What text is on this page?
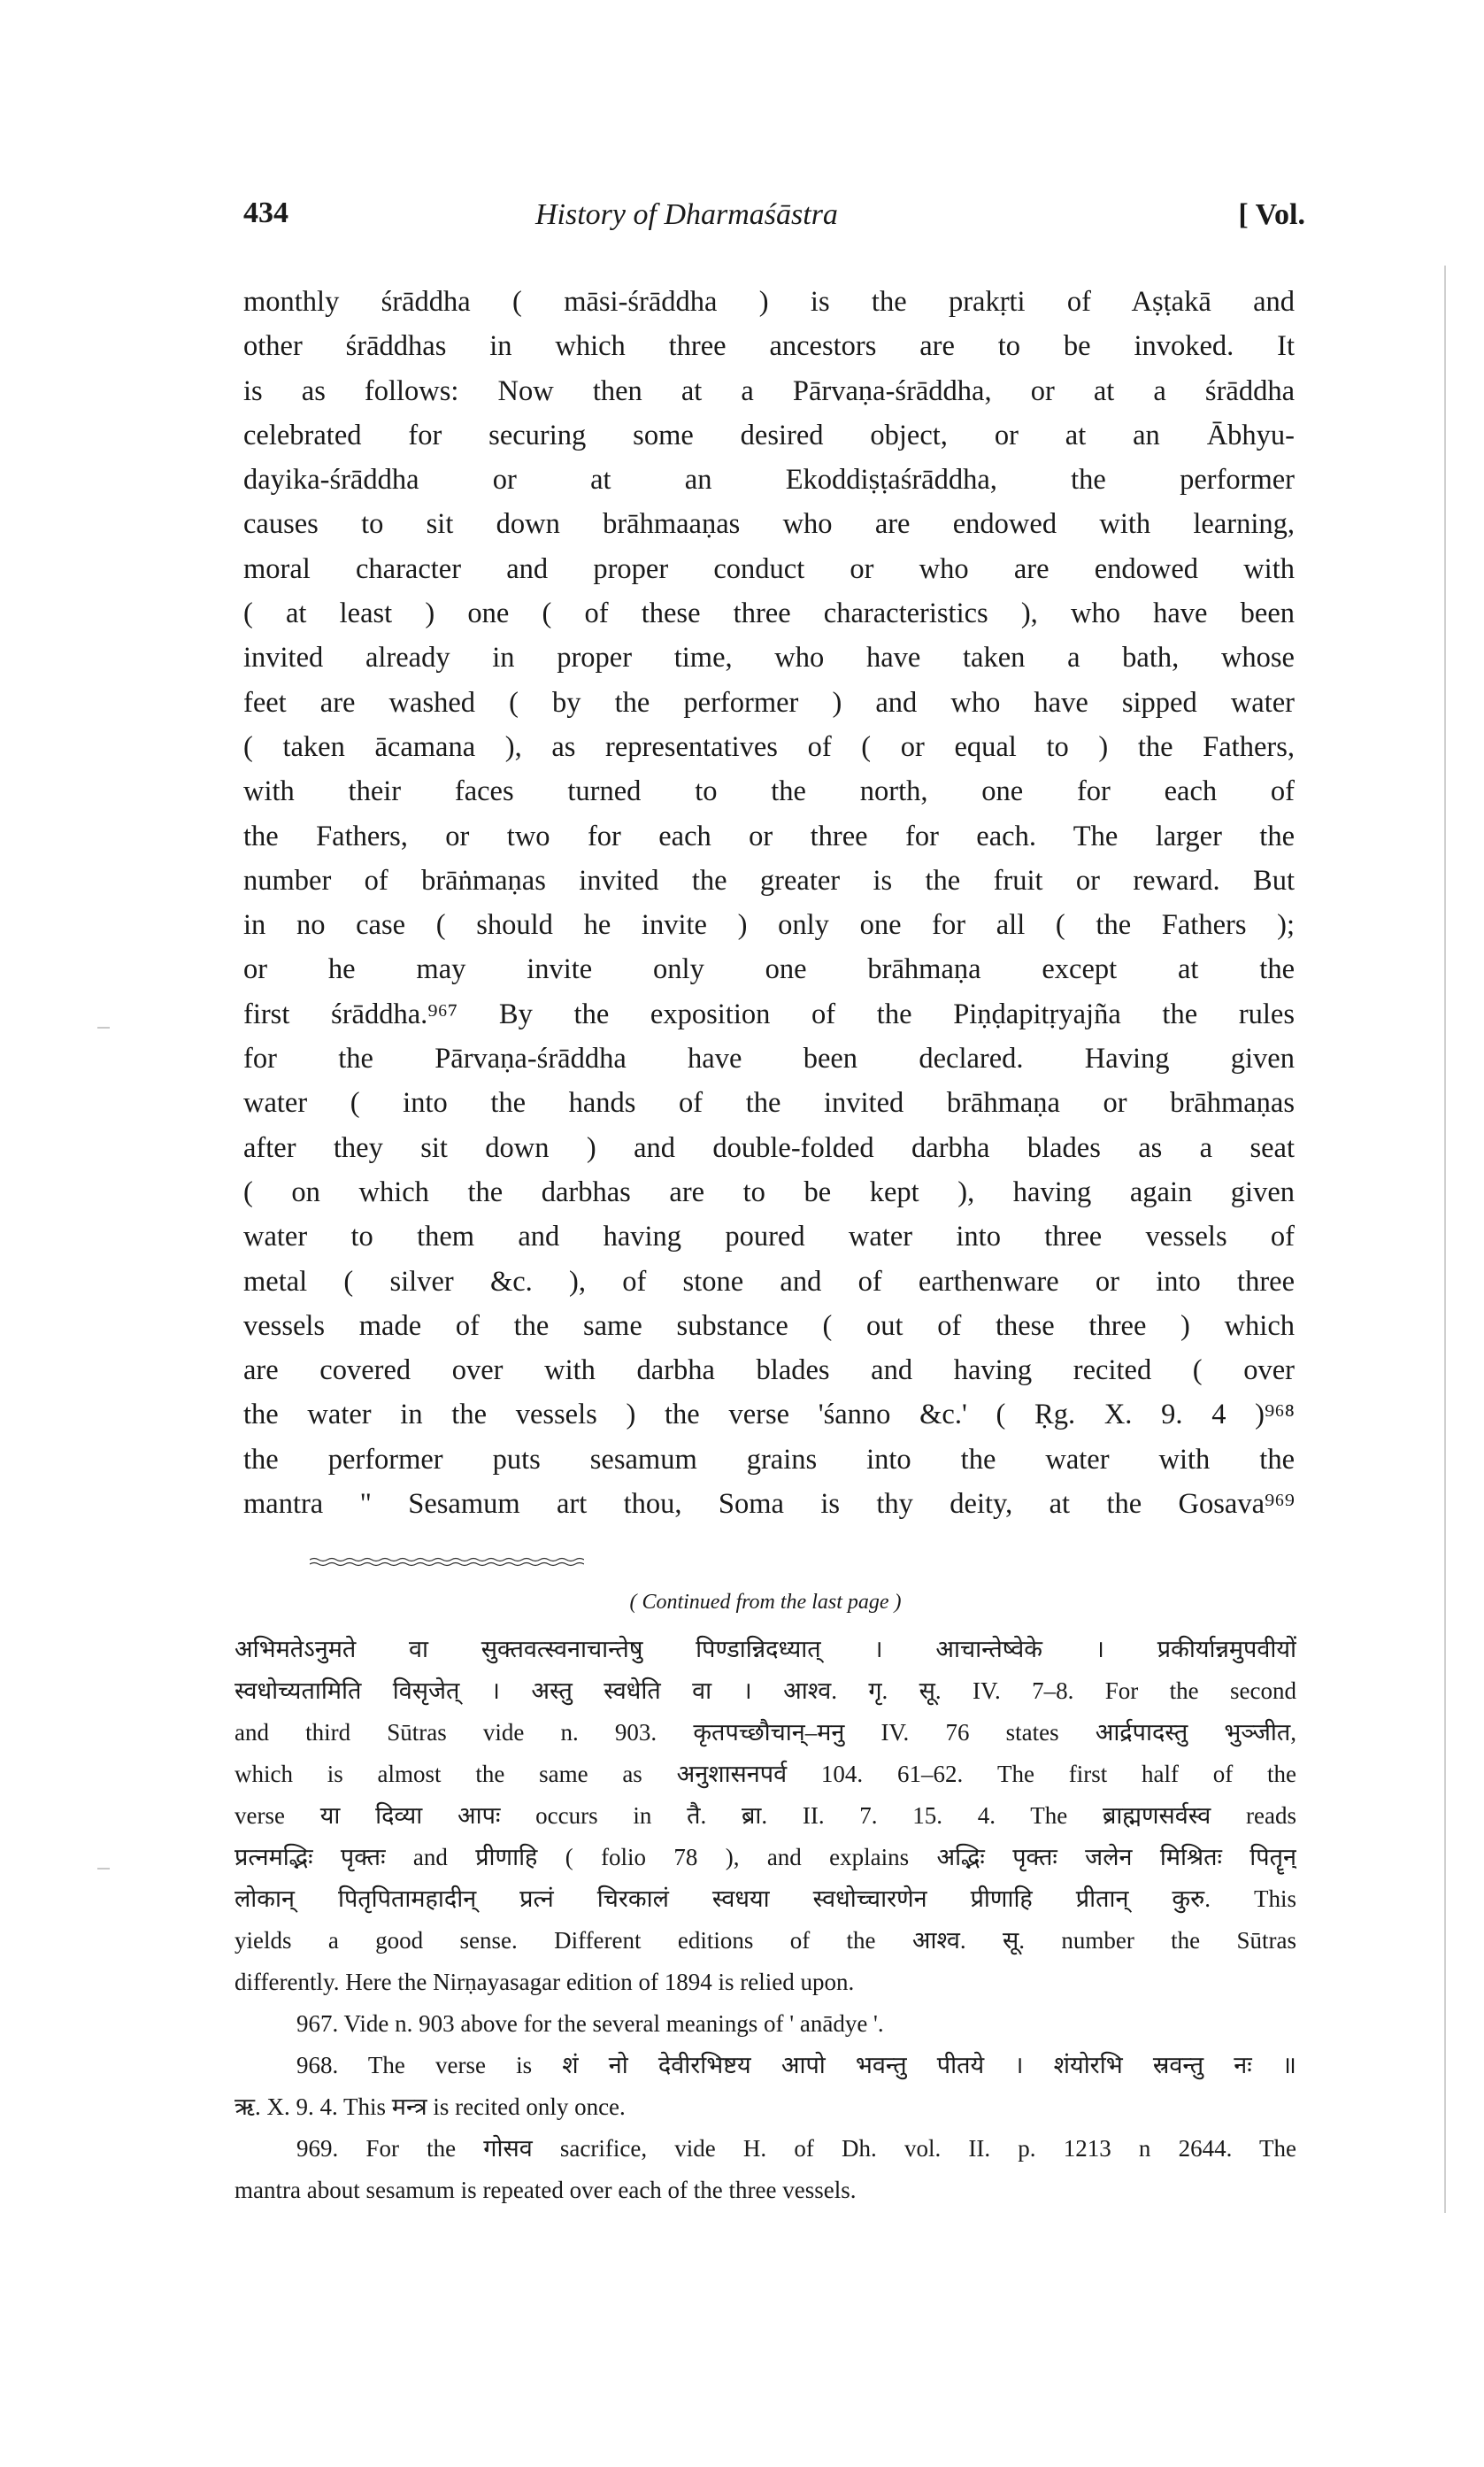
434	History of Dharmaśāstra	[ Vol.
monthly śrāddha ( māsi-śrāddha ) is the prakṛti of Aṣṭakā and
other śrāddhas in which three ancestors are to be invoked. It
is as follows: Now then at a Pārvaṇa-śrāddha, or at a śrāddha
celebrated for securing some desired object, or at an Ābhyu-
dayika-śrāddha or at an Ekoddiṣṭaśrāddha, the performer
causes to sit down brāhmaaṇas who are endowed with learning,
moral character and proper conduct or who are endowed with
( at least ) one ( of these three characteristics ), who have been
invited already in proper time, who have taken a bath, whose
feet are washed ( by the performer ) and who have sipped water
( taken ācamana ), as representatives of ( or equal to ) the Fathers,
with their faces turned to the north, one for each of
the Fathers, or two for each or three for each. The larger the
number of brāṅmaṇas invited the greater is the fruit or reward. But
in no case ( should he invite ) only one for all ( the Fathers );
or he may invite only one brāhmaṇa except at the
first śrāddha.⁹⁶⁷ By the exposition of the Piṇḍapitṛyajña the rules
for the Pārvaṇa-śrāddha have been declared. Having given
water ( into the hands of the invited brāhmaṇa or brāhmaṇas
after they sit down ) and double-folded darbha blades as a seat
( on which the darbhas are to be kept ), having again given
water to them and having poured water into three vessels of
metal ( silver &c. ), of stone and of earthenware or into three
vessels made of the same substance ( out of these three ) which
are covered over with darbha blades and having recited ( over
the water in the vessels ) the verse 'śanno &c.' ( Ṛg. X. 9. 4 )⁹⁶⁸
the performer puts sesamum grains into the water with the
mantra " Sesamum art thou, Soma is thy deity, at the Gosava⁹⁶⁹
( Continued from the last page )
अभिमतेऽनुमते वा सुक्तवत्स्वनाचान्तेषु पिण्डान्निदध्यात् । आचान्तेष्वेके । प्रकीर्यान्नमुपवीयों
स्वधोच्यतामिति विसृजेत् । अस्तु स्वधेति वा । आश्व. गृ. सू. IV. 7–8. For the second
and third Sūtras vide n. 903. कृतपच्छौचान्–मनु IV. 76 states आर्द्रपादस्तु भुञ्जीत,
which is almost the same as अनुशासनपर्व 104. 61–62. The first half of the
verse या दिव्या आपः occurs in तै. ब्रा. II. 7. 15. 4. The ब्राह्मणसर्वस्व reads
प्रत्नमद्भिः पृक्तः and प्रीणाहि ( folio 78 ), and explains अद्भिः पृक्तः जलेन मिश्रितः पितॄन्
लोकान् पितृपितामहादीन् प्रत्नं चिरकालं स्वधया स्वधोच्चारणेन प्रीणाहि प्रीतान् कुरु. This
yields a good sense. Different editions of the आश्व. सू. number the Sūtras
differently. Here the Nirṇayasagar edition of 1894 is relied upon.
967. Vide n. 903 above for the several meanings of ' anādye '.
968. The verse is शं नो देवीरभिष्टय आपो भवन्तु पीतये । शंयोरभि स्रवन्तु नः ॥
ऋ. X. 9. 4. This मन्त्र is recited only once.
969. For the गोसव sacrifice, vide H. of Dh. vol. II. p. 1213 n 2644. The
mantra about sesamum is repeated over each of the three vessels.
